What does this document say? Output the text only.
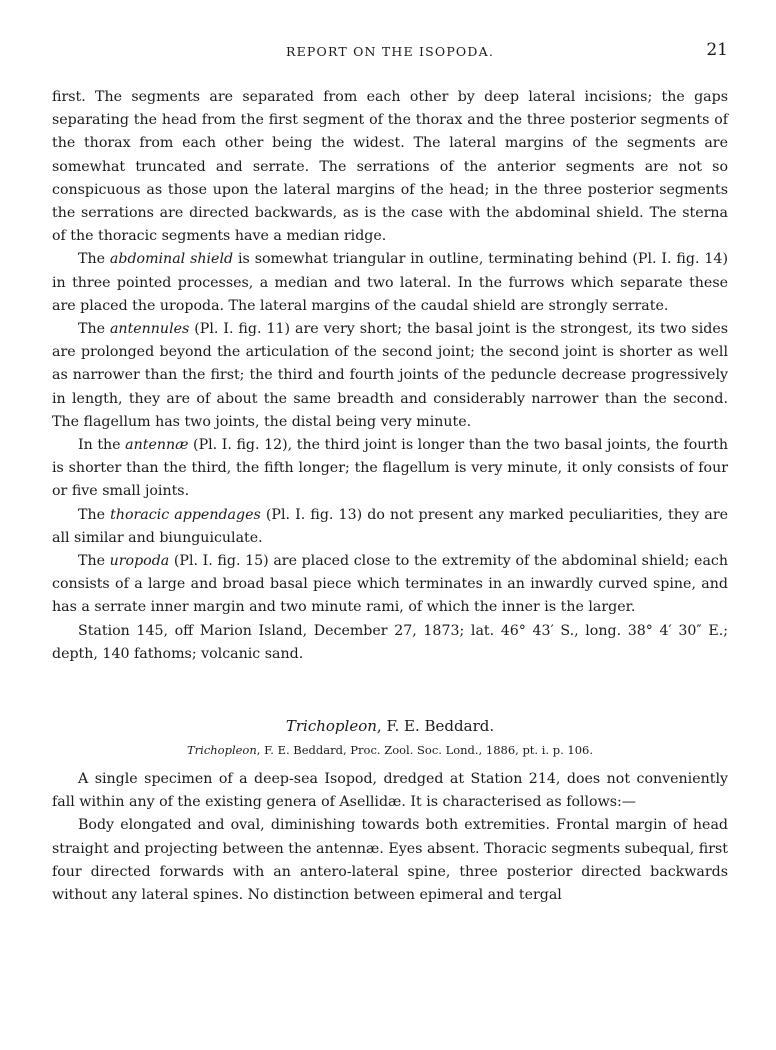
REPORT ON THE ISOPODA.	21

first. The segments are separated from each other by deep lateral incisions; the gaps separating the head from the first segment of the thorax and the three posterior segments of the thorax from each other being the widest. The lateral margins of the segments are somewhat truncated and serrate. The serrations of the anterior segments are not so conspicuous as those upon the lateral margins of the head; in the three posterior segments the serrations are directed backwards, as is the case with the abdominal shield. The sterna of the thoracic segments have a median ridge.

The abdominal shield is somewhat triangular in outline, terminating behind (Pl. I. fig. 14) in three pointed processes, a median and two lateral. In the furrows which separate these are placed the uropoda. The lateral margins of the caudal shield are strongly serrate.

The antennules (Pl. I. fig. 11) are very short; the basal joint is the strongest, its two sides are prolonged beyond the articulation of the second joint; the second joint is shorter as well as narrower than the first; the third and fourth joints of the peduncle decrease progressively in length, they are of about the same breadth and considerably narrower than the second. The flagellum has two joints, the distal being very minute.

In the antennæ (Pl. I. fig. 12), the third joint is longer than the two basal joints, the fourth is shorter than the third, the fifth longer; the flagellum is very minute, it only consists of four or five small joints.

The thoracic appendages (Pl. I. fig. 13) do not present any marked peculiarities, they are all similar and biunguiculate.

The uropoda (Pl. I. fig. 15) are placed close to the extremity of the abdominal shield; each consists of a large and broad basal piece which terminates in an inwardly curved spine, and has a serrate inner margin and two minute rami, of which the inner is the larger.

Station 145, off Marion Island, December 27, 1873; lat. 46° 43′ S., long. 38° 4′ 30″ E.; depth, 140 fathoms; volcanic sand.

Trichopleon, F. E. Beddard.
Trichopleon, F. E. Beddard, Proc. Zool. Soc. Lond., 1886, pt. i. p. 106.

A single specimen of a deep-sea Isopod, dredged at Station 214, does not conveniently fall within any of the existing genera of Asellidæ. It is characterised as follows:—

Body elongated and oval, diminishing towards both extremities. Frontal margin of head straight and projecting between the antennæ. Eyes absent. Thoracic segments subequal, first four directed forwards with an antero-lateral spine, three posterior directed backwards without any lateral spines. No distinction between epimeral and tergal
